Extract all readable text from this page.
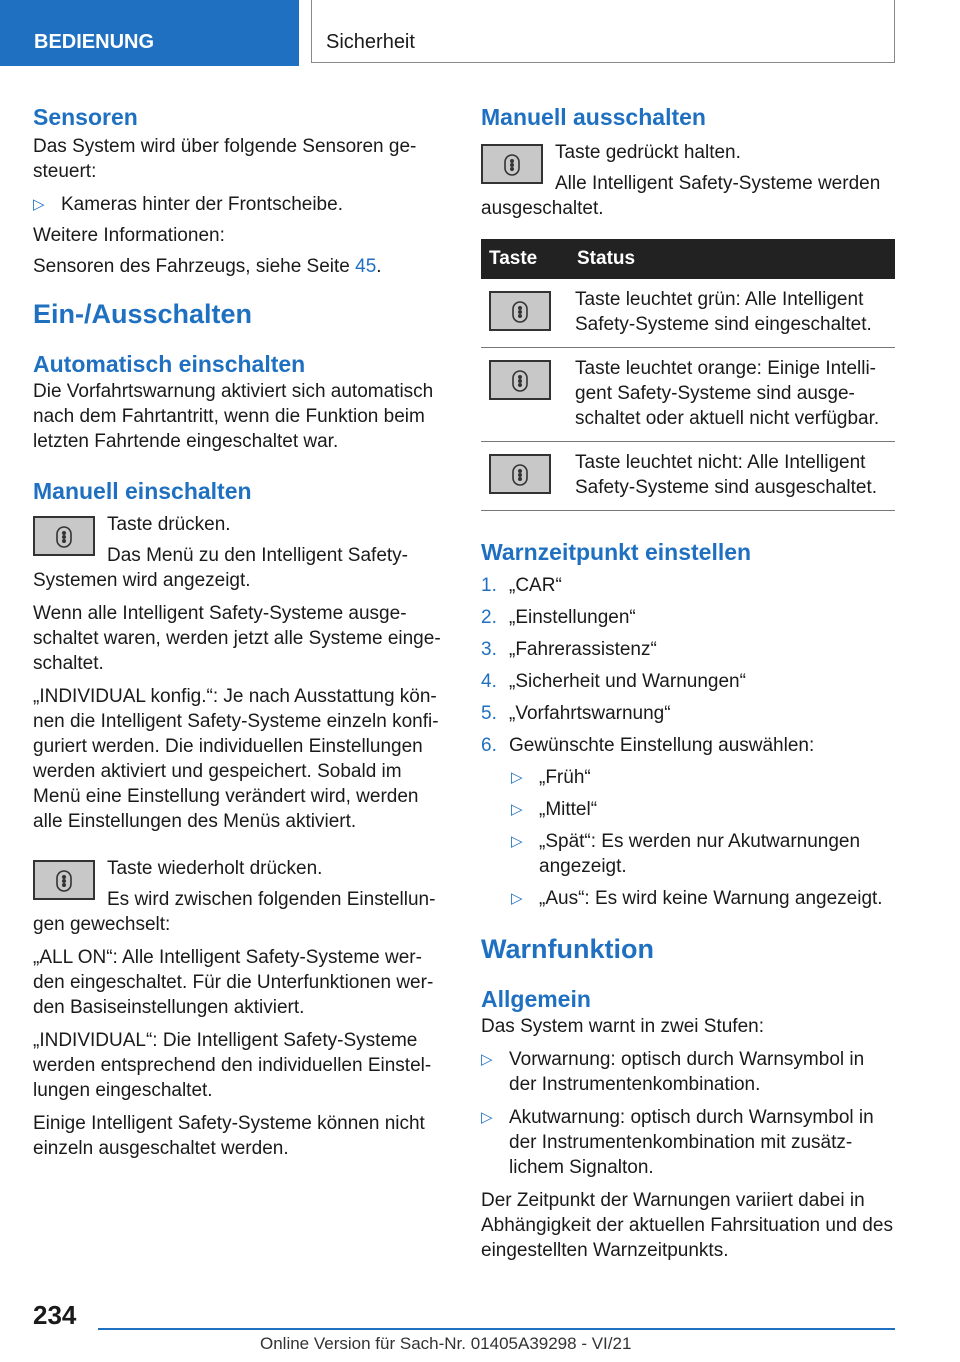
BEDIENUNG	Sicherheit
Sensoren

Das System wird über folgende Sensoren ge-steuert:

▷ Kameras hinter der Frontscheibe.

Weitere Informationen:

Sensoren des Fahrzeugs, siehe Seite 45.

Ein-/Ausschalten
Automatisch einschalten

Die Vorfahrtswarnung aktiviert sich automatisch nach dem Fahrtantritt, wenn die Funktion beim letzten Fahrtende eingeschaltet war.

Manuell einschalten

Taste drücken.

Das Menü zu den Intelligent Safety-

Systemen wird angezeigt.

Wenn alle Intelligent Safety-Systeme ausge-schaltet waren, werden jetzt alle Systeme einge-schaltet.

„INDIVIDUAL konfig.“: Je nach Ausstattung kön-nen die Intelligent Safety-Systeme einzeln konfi-guriert werden. Die individuellen Einstellungen werden aktiviert und gespeichert. Sobald im Menü eine Einstellung verändert wird, werden alle Einstellungen des Menüs aktiviert.

Taste wiederholt drücken.

Es wird zwischen folgenden Einstellun-

gen gewechselt:

„ALL ON“: Alle Intelligent Safety-Systeme wer-den eingeschaltet. Für die Unterfunktionen wer-den Basiseinstellungen aktiviert.

„INDIVIDUAL“: Die Intelligent Safety-Systeme werden entsprechend den individuellen Einstel-lungen eingeschaltet.

Einige Intelligent Safety-Systeme können nicht einzeln ausgeschaltet werden.

Manuell ausschalten

Taste gedrückt halten.

Alle Intelligent Safety-Systeme werden

ausgeschaltet.

Taste	Status

	Taste leuchtet grün: Alle Intelligent Safety-Systeme sind eingeschaltet.

	Taste leuchtet orange: Einige Intelli-gent Safety-Systeme sind ausge-schaltet oder aktuell nicht verfügbar.

	Taste leuchtet nicht: Alle Intelligent Safety-Systeme sind ausgeschaltet.
Warnzeitpunkt einstellen
1. „CAR“
2. „Einstellungen“
3. „Fahrerassistenz“
4. „Sicherheit und Warnungen“
5. „Vorfahrtswarnung“
6. Gewünschte Einstellung auswählen:
▷ „Früh“
▷ „Mittel“
▷ „Spät“: Es werden nur Akutwarnungen angezeigt.
▷ „Aus“: Es wird keine Warnung angezeigt.
Warnfunktion
Allgemein

Das System warnt in zwei Stufen:

▷ Vorwarnung: optisch durch Warnsymbol in der Instrumentenkombination.
▷ Akutwarnung: optisch durch Warnsymbol in der Instrumentenkombination mit zusätz-lichem Signalton.

Der Zeitpunkt der Warnungen variiert dabei in Abhängigkeit der aktuellen Fahrsituation und des eingestellten Warnzeitpunkts.

234
Online Version für Sach-Nr. 01405A39298 - VI/21
